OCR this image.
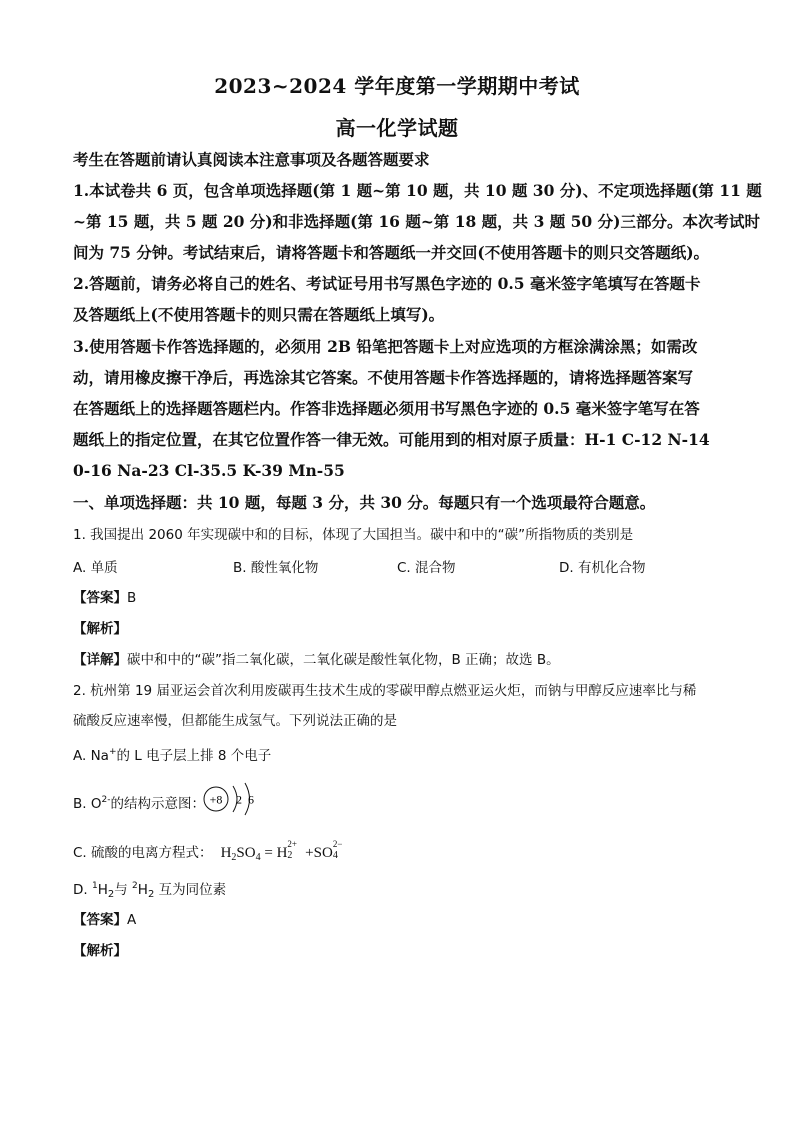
2023~2024 学年度第一学期期中考试
高一化学试题
考生在答题前请认真阅读本注意事项及各题答题要求
1.本试卷共 6 页，包含单项选择题(第 1 题~第 10 题，共 10 题 30 分)、不定项选择题(第 11 题
~第 15 题，共 5 题 20 分)和非选择题(第 16 题~第 18 题，共 3 题 50 分)三部分。本次考试时
间为 75 分钟。考试结束后，请将答题卡和答题纸一并交回(不使用答题卡的则只交答题纸)。
2.答题前，请务必将自己的姓名、考试证号用书写黑色字迹的 0.5 毫米签字笔填写在答题卡
及答题纸上(不使用答题卡的则只需在答题纸上填写)。
3.使用答题卡作答选择题的，必须用 2B 铅笔把答题卡上对应选项的方框涂满涂黑；如需改
动，请用橡皮擦干净后，再选涂其它答案。不使用答题卡作答选择题的，请将选择题答案写
在答题纸上的选择题答题栏内。作答非选择题必须用书写黑色字迹的 0.5 毫米签字笔写在答
题纸上的指定位置，在其它位置作答一律无效。可能用到的相对原子质量：H-1 C-12 N-14
0-16 Na-23 Cl-35.5 K-39 Mn-55
一、单项选择题：共 10 题，每题 3 分，共 30 分。每题只有一个选项最符合题意。
1. 我国提出 2060 年实现碳中和的目标，体现了大国担当。碳中和中的“碳”所指物质的类别是
A. 单质	B. 酸性氧化物	C. 混合物	D. 有机化合物
【答案】B
【解析】
【详解】碳中和中的“碳”指二氧化碳，二氧化碳是酸性氧化物，B 正确；故选 B。
2. 杭州第 19 届亚运会首次利用废碳再生技术生成的零碳甲醇点燃亚运火炬，而钠与甲醇反应速率比与稀
硫酸反应速率慢，但都能生成氢气。下列说法正确的是
A. Na+的 L 电子层上排 8 个电子
B. $O^{2-}$的结构示意图： +8 2 6
C. 硫酸的电离方程式： $H_2SO_4 = H$
2+
2 +SO
2−
4

D. $^1H_2$与 $^2H_2$ 互为同位素
【答案】A
【解析】
